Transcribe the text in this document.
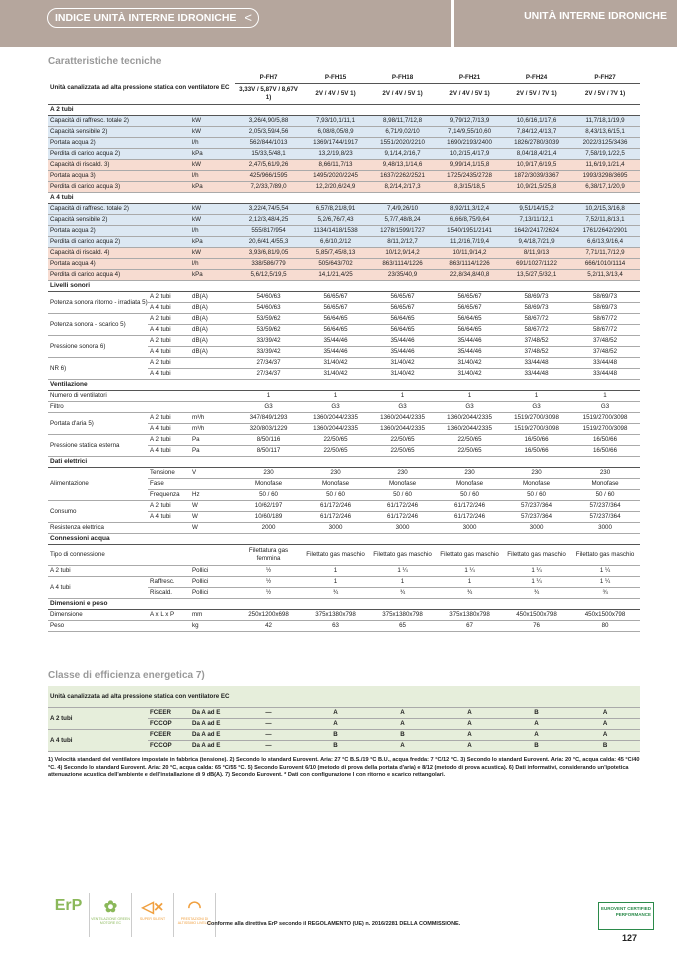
INDICE UNITÀ INTERNE IDRONICHE <	UNITÀ INTERNE IDRONICHE
Caratteristiche tecniche
Unità canalizzata ad alta pressione statica con ventilatore EC			P-FH7	P-FH15	P-FH18	P-FH21	P-FH24	P-FH27
			3,33V / 5,87V / 8,67V 1)	2V / 4V / 5V 1)	2V / 4V / 5V 1)	2V / 4V / 5V 1)	2V / 5V / 7V 1)	2V / 5V / 7V 1)
A 2 tubi								
Capacità di raffresc. totale 2)		kW	3,26/4,90/5,88	7,93/10,1/11,1	8,98/11,7/12,8	9,79/12,7/13,9	10,6/16,1/17,6	11,7/18,1/19,9
Capacità sensibile 2)		kW	2,05/3,59/4,56	6,08/8,05/8,9	6,71/9,02/10	7,14/9,55/10,60	7,84/12,4/13,7	8,43/13,6/15,1
Portata acqua 2)		l/h	562/844/1013	1369/1744/1917	1551/2020/2210	1690/2193/2400	1826/2780/3039	2022/3125/3436
Perdita di carico acqua 2)		kPa	15/33,5/48,1	13,2/19,8/23	9,1/14,2/16,7	10,2/15,4/17,9	8,04/18,4/21,4	7,58/19,1/22,5
Capacità di riscald. 3)		kW	2,47/5,61/9,26	8,66/11,7/13	9,48/13,1/14,6	9,99/14,1/15,8	10,9/17,6/19,5	11,6/19,1/21,4
Portata acqua 3)		l/h	425/966/1595	1495/2020/2245	1637/2262/2521	1725/2435/2728	1872/3039/3367	1993/3298/3695
Perdita di carico acqua 3)		kPa	7,2/33,7/89,0	12,2/20,6/24,9	8,2/14,2/17,3	8,3/15/18,5	10,9/21,5/25,8	6,38/17,1/20,9
A 4 tubi								
Capacità di raffresc. totale 2)		kW	3,22/4,74/5,54	6,57/8,21/8,91	7,4/9,26/10	8,92/11,3/12,4	9,51/14/15,2	10,2/15,3/16,8
Capacità sensibile 2)		kW	2,12/3,48/4,25	5,2/6,76/7,43	5,7/7,48/8,24	6,66/8,75/9,64	7,13/11/12,1	7,52/11,8/13,1
Portata acqua 2)		l/h	555/817/954	1134/1418/1538	1278/1599/1727	1540/1951/2141	1642/2417/2624	1761/2642/2901
Perdita di carico acqua 2)		kPa	20,6/41,4/55,3	6,6/10,2/12	8/11,2/12,7	11,2/16,7/19,4	9,4/18,7/21,9	6,6/13,9/16,4
Capacità di riscald. 4)		kW	3,93/6,81/9,05	5,85/7,45/8,13	10/12,9/14,2	10/11,9/14,2	8/11,9/13	7,71/11,7/12,9
Portata acqua 4)		l/h	338/586/779	505/643/702	863/1114/1226	863/1114/1226	691/1027/1122	666/1010/1114
Perdita di carico acqua 4)		kPa	5,6/12,5/19,5	14,1/21,4/25	23/35/40,9	22,8/34,8/40,8	13,5/27,5/32,1	5,2/11,3/13,4
Livelli sonori								
Potenza sonora ritorno - irradiata 5)	A 2 tubi	dB(A)	54/60/63	56/65/67	56/65/67	56/65/67	58/69/73	58/69/73
	A 4 tubi	dB(A)	54/60/63	56/65/67	56/65/67	56/65/67	58/69/73	58/69/73
Potenza sonora - scarico 5)	A 2 tubi	dB(A)	53/59/62	56/64/65	56/64/65	56/64/65	58/67/72	58/67/72
	A 4 tubi	dB(A)	53/59/62	56/64/65	56/64/65	56/64/65	58/67/72	58/67/72
Pressione sonora 6)	A 2 tubi	dB(A)	33/39/42	35/44/46	35/44/46	35/44/46	37/48/52	37/48/52
	A 4 tubi	dB(A)	33/39/42	35/44/46	35/44/46	35/44/46	37/48/52	37/48/52
NR 6)	A 2 tubi		27/34/37	31/40/42	31/40/42	31/40/42	33/44/48	33/44/48
	A 4 tubi		27/34/37	31/40/42	31/40/42	31/40/42	33/44/48	33/44/48
Ventilazione								
Numero di ventilatori			1	1	1	1	1	1
Filtro			G3	G3	G3	G3	G3	G3
Portata d'aria 5)	A 2 tubi	m³/h	347/849/1293	1360/2044/2335	1360/2044/2335	1360/2044/2335	1519/2700/3098	1519/2700/3098
	A 4 tubi	m³/h	320/803/1229	1360/2044/2335	1360/2044/2335	1360/2044/2335	1519/2700/3098	1519/2700/3098
Pressione statica esterna	A 2 tubi	Pa	8/50/116	22/50/65	22/50/65	22/50/65	16/50/66	16/50/66
	A 4 tubi	Pa	8/50/117	22/50/65	22/50/65	22/50/65	16/50/66	16/50/66
Dati elettrici								
Alimentazione	Tensione	V	230	230	230	230	230	230
	Fase		Monofase	Monofase	Monofase	Monofase	Monofase	Monofase
	Frequenza	Hz	50 / 60	50 / 60	50 / 60	50 / 60	50 / 60	50 / 60
Consumo	A 2 tubi	W	10/62/197	61/172/246	61/172/246	61/172/246	57/237/364	57/237/364
	A 4 tubi	W	10/60/189	61/172/246	61/172/246	61/172/246	57/237/364	57/237/364
Resistenza elettrica		W	2000	3000	3000	3000	3000	3000
Connessioni acqua								
Tipo di connessione			Filettatura gas femmina	Filettato gas maschio	Filettato gas maschio	Filettato gas maschio	Filettato gas maschio	Filettato gas maschio
A 2 tubi		Pollici	½	1	1 ¼	1 ¼	1 ¼	1 ¼
A 4 tubi	Raffresc.	Pollici	½	1	1	1	1 ¼	1 ¼
	Riscald.	Pollici	½	¾	¾	¾	¾	¾
Dimensioni e peso								
Dimensione	A x L x P	mm	250x1200x698	375x1380x798	375x1380x798	375x1380x798	450x1500x798	450x1500x798
Peso		kg	42	63	65	67	76	80
Classe di efficienza energetica 7)
Unità canalizzata ad alta pressione statica con ventilatore EC								
A 2 tubi	FCEER	Da A ad E	—	A	A	A	B	A
	FCCOP	Da A ad E	—	A	A	A	A	A
A 4 tubi	FCEER	Da A ad E	—	B	B	A	A	A
	FCCOP	Da A ad E	—	B	A	A	B	B
1) Velocità standard del ventilatore impostate in fabbrica (tensione). 2) Secondo lo standard Eurovent. Aria: 27 °C B.S./19 °C B.U., acqua fredda: 7 °C/12 °C. 3) Secondo lo standard Eurovent. Aria: 20 °C, acqua calda: 45 °C/40 °C. 4) Secondo lo standard Eurovent. Aria: 20 °C, acqua calda: 65 °C/55 °C. 5) Secondo Eurovent 6/10 (metodo di prova della portata d'aria) e 8/12 (metodo di prova acustica). 6) Dati informativi, considerando un'ipotetica attenuazione acustica dell'ambiente e dell'installazione di 9 dB(A). 7) Secondo Eurovent. * Dati con configurazione I con ritorno e scarico rettangolari.
ErP	✿
VENTILAZIONE GREEN MOTORE EC
◁×
SUPER SILENT
◠
PRESTAZIONI DI ALTISSIMO LIVELLO
Conforme alla direttiva ErP secondo il REGOLAMENTO (UE) n. 2016/2281 DELLA COMMISSIONE.
EUROVENT CERTIFIED PERFORMANCE
127
